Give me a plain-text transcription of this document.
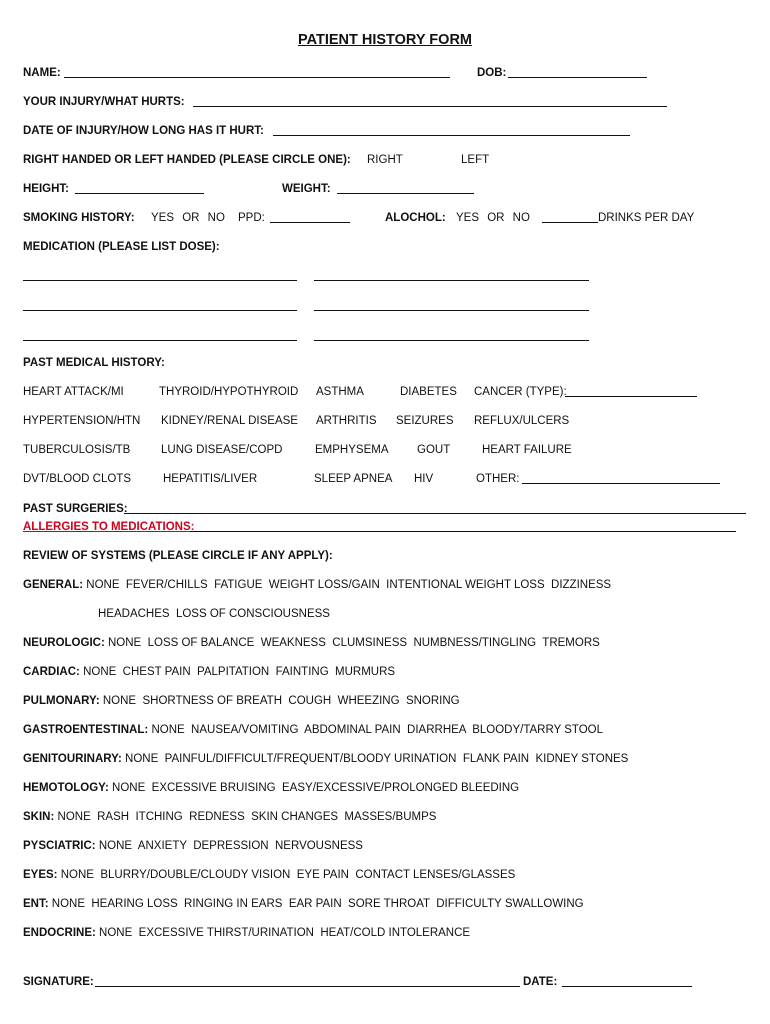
PATIENT HISTORY FORM
NAME:	DOB:
YOUR INJURY/WHAT HURTS:
DATE OF INJURY/HOW LONG HAS IT HURT:
RIGHT HANDED OR LEFT HANDED (PLEASE CIRCLE ONE): RIGHT	LEFT
HEIGHT:	WEIGHT:
SMOKING HISTORY: YES OR NO PPD:	ALOCHOL: YES OR NO	DRINKS PER DAY
MEDICATION (PLEASE LIST DOSE):
PAST MEDICAL HISTORY:
HEART ATTACK/MI	THYROID/HYPOTHYROID ASTHMA	DIABETES CANCER (TYPE):
HYPERTENSION/HTN KIDNEY/RENAL DISEASE ARTHRITIS SEIZURES REFLUX/ULCERS
TUBERCULOSIS/TB	LUNG DISEASE/COPD	EMPHYSEMA GOUT	HEART FAILURE
DVT/BLOOD CLOTS	HEPATITIS/LIVER	SLEEP APNEA HIV	OTHER:
PAST SURGERIES:
ALLERGIES TO MEDICATIONS:
REVIEW OF SYSTEMS (PLEASE CIRCLE IF ANY APPLY):
GENERAL: NONE  FEVER/CHILLS  FATIGUE  WEIGHT LOSS/GAIN  INTENTIONAL WEIGHT LOSS  DIZZINESS
HEADACHES  LOSS OF CONSCIOUSNESS
NEUROLOGIC: NONE  LOSS OF BALANCE  WEAKNESS  CLUMSINESS  NUMBNESS/TINGLING  TREMORS
CARDIAC: NONE  CHEST PAIN  PALPITATION  FAINTING  MURMURS
PULMONARY: NONE  SHORTNESS OF BREATH  COUGH  WHEEZING  SNORING
GASTROENTESTINAL: NONE  NAUSEA/VOMITING  ABDOMINAL PAIN  DIARRHEA  BLOODY/TARRY STOOL
GENITOURINARY: NONE  PAINFUL/DIFFICULT/FREQUENT/BLOODY URINATION  FLANK PAIN  KIDNEY STONES
HEMOTOLOGY: NONE  EXCESSIVE BRUISING  EASY/EXCESSIVE/PROLONGED BLEEDING
SKIN: NONE  RASH  ITCHING  REDNESS  SKIN CHANGES  MASSES/BUMPS
PYSCIATRIC: NONE  ANXIETY  DEPRESSION  NERVOUSNESS
EYES: NONE  BLURRY/DOUBLE/CLOUDY VISION  EYE PAIN  CONTACT LENSES/GLASSES
ENT: NONE  HEARING LOSS  RINGING IN EARS  EAR PAIN  SORE THROAT  DIFFICULTY SWALLOWING
ENDOCRINE: NONE  EXCESSIVE THIRST/URINATION  HEAT/COLD INTOLERANCE
SIGNATURE:	DATE:
